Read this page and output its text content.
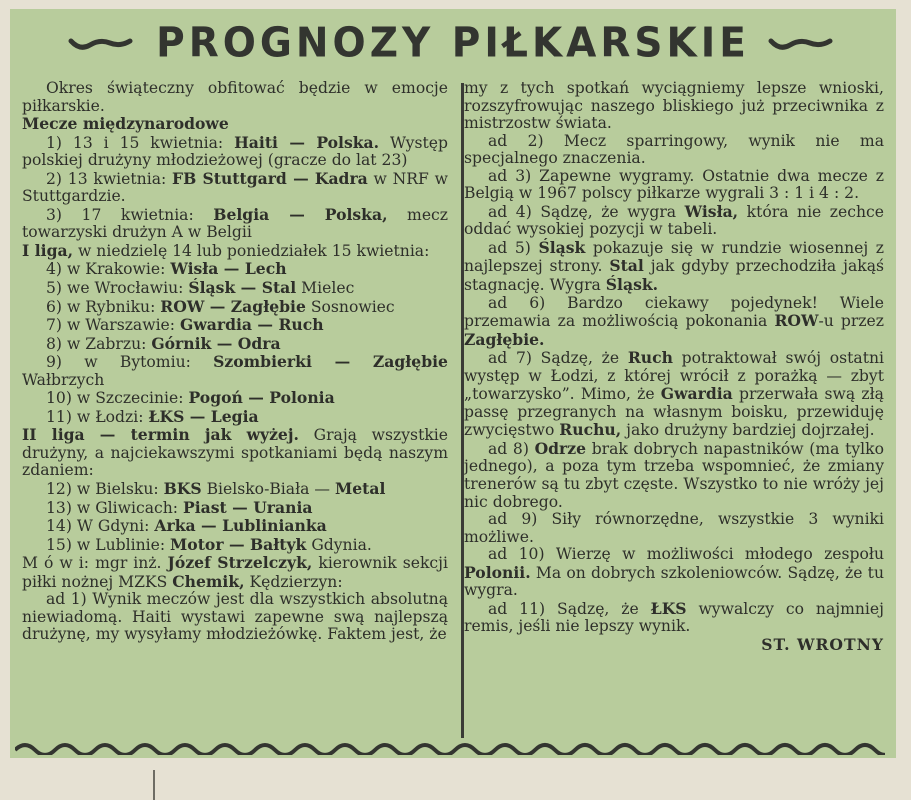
PROGNOZY PIŁKARSKIE

Okres świąteczny obfitować będzie w emocje piłkarskie.

Mecze międzynarodowe

1) 13 i 15 kwietnia: Haiti — Polska. Występ polskiej drużyny młodzieżowej (gracze do lat 23)

2) 13 kwietnia: FB Stuttgard — Kadra w NRF w Stuttgardzie.

3) 17 kwietnia: Belgia — Polska, mecz towarzyski drużyn A w Belgii

I liga, w niedzielę 14 lub poniedziałek 15 kwietnia:

4) w Krakowie: Wisła — Lech

5) we Wrocławiu: Śląsk — Stal Mielec

6) w Rybniku: ROW — Zagłębie Sosnowiec

7) w Warszawie: Gwardia — Ruch

8) w Zabrzu: Górnik — Odra

9) w Bytomiu: Szombierki — Zagłębie Wałbrzych

10) w Szczecinie: Pogoń — Polonia

11) w Łodzi: ŁKS — Legia

II liga — termin jak wyżej. Grają wszystkie drużyny, a najciekawszymi spotkaniami będą naszym zdaniem:

12) w Bielsku: BKS Bielsko-Biała — Metal

13) w Gliwicach: Piast — Urania

14) W Gdyni: Arka — Lublinianka

15) w Lublinie: Motor — Bałtyk Gdynia.

M ó w i: mgr inż. Józef Strzelczyk, kierownik sekcji piłki nożnej MZKS Chemik, Kędzierzyn:

ad 1) Wynik meczów jest dla wszystkich absolutną niewiadomą. Haiti wystawi zapewne swą najlepszą drużynę, my wysyłamy młodzieżówkę. Faktem jest, że

my z tych spotkań wyciągniemy lepsze wnioski, rozszyfrowując naszego bliskiego już przeciwnika z mistrzostw świata.

ad 2) Mecz sparringowy, wynik nie ma specjalnego znaczenia.

ad 3) Zapewne wygramy. Ostatnie dwa mecze z Belgią w 1967 polscy piłkarze wygrali 3 : 1 i 4 : 2.

ad 4) Sądzę, że wygra Wisła, która nie zechce oddać wysokiej pozycji w tabeli.

ad 5) Śląsk pokazuje się w rundzie wiosennej z najlepszej strony. Stal jak gdyby przechodziła jakąś stagnację. Wygra Śląsk.

ad 6) Bardzo ciekawy pojedynek! Wiele przemawia za możliwością pokonania ROW-u przez Zagłębie.

ad 7) Sądzę, że Ruch potraktował swój ostatni występ w Łodzi, z której wrócił z porażką — zbyt „towarzysko”. Mimo, że Gwardia przerwała swą złą passę przegranych na własnym boisku, przewiduję zwycięstwo Ruchu, jako drużyny bardziej dojrzałej.

ad 8) Odrze brak dobrych napastników (ma tylko jednego), a poza tym trzeba wspomnieć, że zmiany trenerów są tu zbyt częste. Wszystko to nie wróży jej nic dobrego.

ad 9) Siły równorzędne, wszystkie 3 wyniki możliwe.

ad 10) Wierzę w możliwości młodego zespołu Polonii. Ma on dobrych szkoleniowców. Sądzę, że tu wygra.

ad 11) Sądzę, że ŁKS wywalczy co najmniej remis, jeśli nie lepszy wynik.

ST. WROTNY
